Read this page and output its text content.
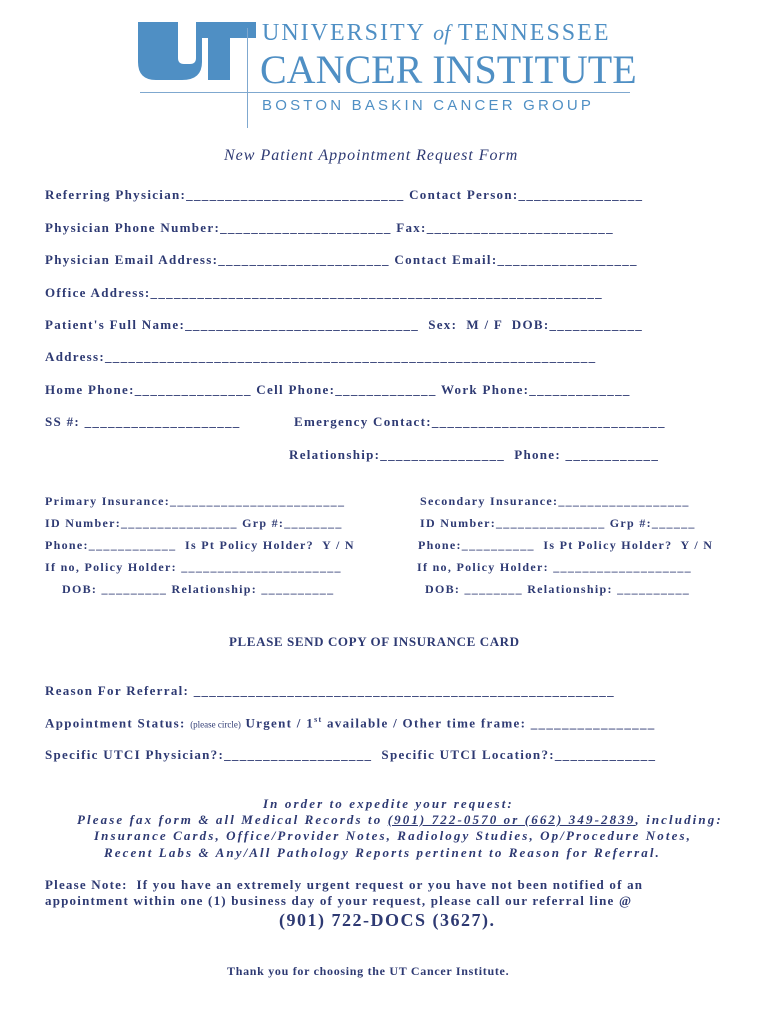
UNIVERSITY of TENNESSEE
CANCER INSTITUTE
BOSTON BASKIN CANCER GROUP
New Patient Appointment Request Form
Referring Physician:____________________________ Contact Person:________________
Physician Phone Number:______________________ Fax:________________________
Physician Email Address:______________________ Contact Email:__________________
Office Address:__________________________________________________________
Patient's Full Name:______________________________  Sex:  M / F  DOB:____________
Address:_______________________________________________________________
Home Phone:_______________ Cell Phone:_____________ Work Phone:_____________
SS #: ____________________	Emergency Contact:______________________________
Relationship:________________  Phone: ____________
Primary Insurance:________________________
ID Number:________________ Grp #:________
Phone:____________  Is Pt Policy Holder?  Y / N
If no, Policy Holder: ______________________
DOB: _________ Relationship: __________
Secondary Insurance:__________________
ID Number:_______________ Grp #:______
Phone:__________  Is Pt Policy Holder?  Y / N
If no, Policy Holder: ___________________
DOB: ________ Relationship: __________
PLEASE SEND COPY OF INSURANCE CARD
Reason For Referral: ______________________________________________________
Appointment Status: (please circle) Urgent / 1st available / Other time frame: ________________
Specific UTCI Physician?:___________________  Specific UTCI Location?:_____________
In order to expedite your request:
Please fax form & all Medical Records to (901) 722-0570 or (662) 349-2839, including:
Insurance Cards, Office/Provider Notes, Radiology Studies, Op/Procedure Notes,
Recent Labs & Any/All Pathology Reports pertinent to Reason for Referral.
Please Note:  If you have an extremely urgent request or you have not been notified of an
appointment within one (1) business day of your request, please call our referral line @
(901) 722-DOCS (3627).
Thank you for choosing the UT Cancer Institute.
